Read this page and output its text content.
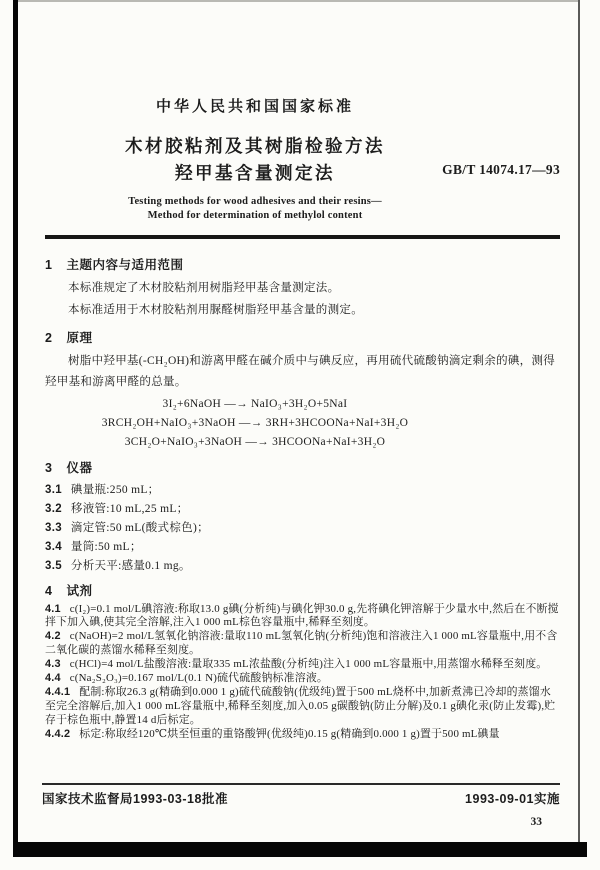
中华人民共和国国家标准
木材胶粘剂及其树脂检验方法
羟甲基含量测定法
Testing methods for wood adhesives and their resins—
Method for determination of methylol content
GB/T 14074.17—93
1 主题内容与适用范围

本标准规定了木材胶粘剂用树脂羟甲基含量测定法。

本标准适用于木材胶粘剂用脲醛树脂羟甲基含量的测定。

2 原理

树脂中羟甲基(-CH₂OH)和游离甲醛在碱介质中与碘反应，再用硫代硫酸钠滴定剩余的碘，测得羟甲基和游离甲醛的总量。

3I₂+6NaOH —→ NaIO₃+3H₂O+5NaI
3RCH₂OH+NaIO₃+3NaOH —→ 3RH+3HCOONa+NaI+3H₂O
3CH₂O+NaIO₃+3NaOH —→ 3HCOONa+NaI+3H₂O
3 仪器

3.1 碘量瓶:250 mL；

3.2 移液管:10 mL,25 mL；

3.3 滴定管:50 mL(酸式棕色)；

3.4 量筒:50 mL；

3.5 分析天平:感量0.1 mg。

4 试剂

4.1 c(I₂)=0.1 mol/L碘溶液:称取13.0 g碘(分析纯)与碘化钾30.0 g,先将碘化钾溶解于少量水中,然后在不断搅拌下加入碘,使其完全溶解,注入1 000 mL棕色容量瓶中,稀释至刻度。

4.2 c(NaOH)=2 mol/L氢氧化钠溶液:量取110 mL氢氧化钠(分析纯)饱和溶液注入1 000 mL容量瓶中,用不含二氧化碳的蒸馏水稀释至刻度。

4.3 c(HCl)=4 mol/L盐酸溶液:量取335 mL浓盐酸(分析纯)注入1 000 mL容量瓶中,用蒸馏水稀释至刻度。

4.4 c(Na₂S₂O₃)=0.167 mol/L(0.1 N)硫代硫酸钠标准溶液。

4.4.1 配制:称取26.3 g(精确到0.000 1 g)硫代硫酸钠(优级纯)置于500 mL烧杯中,加新煮沸已冷却的蒸馏水至完全溶解后,加入1 000 mL容量瓶中,稀释至刻度,加入0.05 g碳酸钠(防止分解)及0.1 g碘化汞(防止发霉),贮存于棕色瓶中,静置14 d后标定。

4.4.2 标定:称取经120℃烘至恒重的重铬酸钾(优级纯)0.15 g(精确到0.000 1 g)置于500 mL碘量

国家技术监督局1993-03-18批准	1993-09-01实施
33
